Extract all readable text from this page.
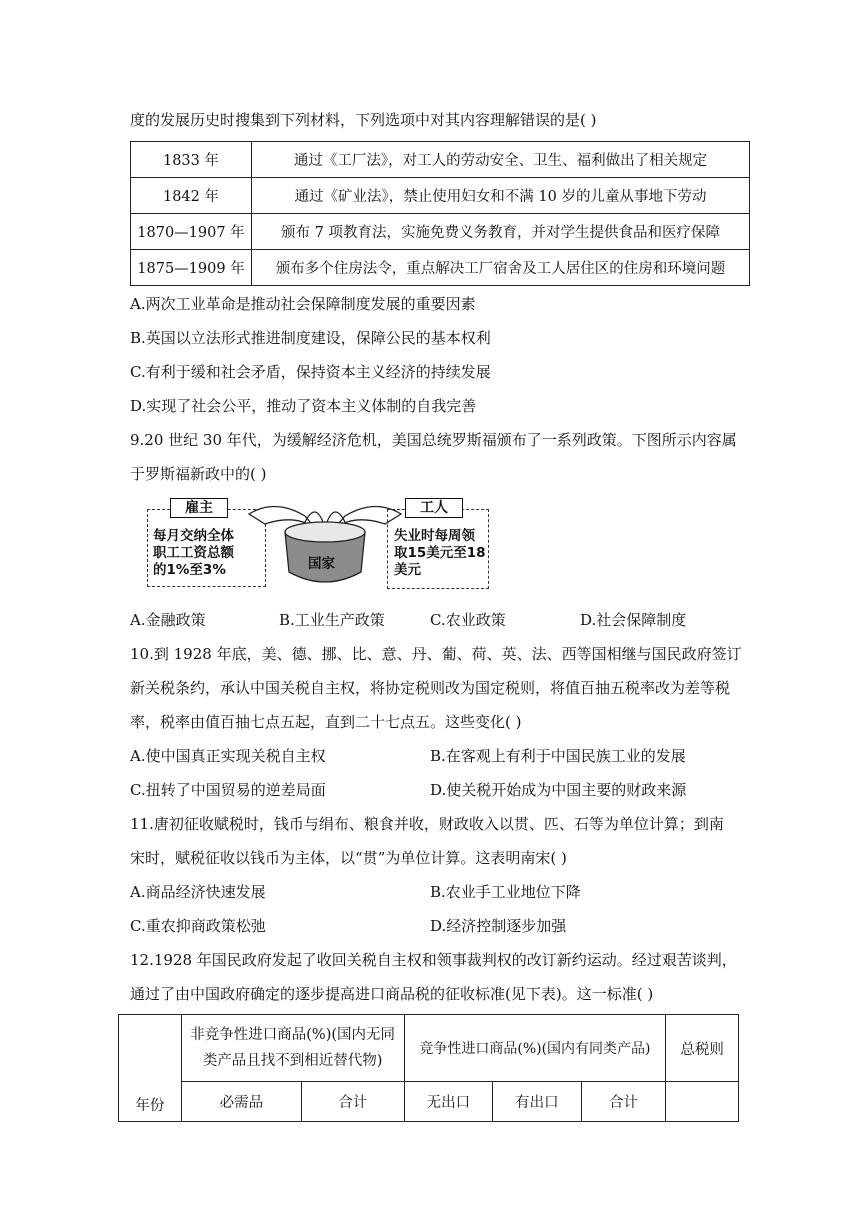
度的发展历史时搜集到下列材料，下列选项中对其内容理解错误的是( )
1833 年	通过《工厂法》，对工人的劳动安全、卫生、福利做出了相关规定
1842 年	通过《矿业法》，禁止使用妇女和不满 10 岁的儿童从事地下劳动
1870—1907 年	颁布 7 项教育法，实施免费义务教育，并对学生提供食品和医疗保障
1875—1909 年	颁布多个住房法令，重点解决工厂宿舍及工人居住区的住房和环境问题
A.两次工业革命是推动社会保障制度发展的重要因素
B.英国以立法形式推进制度建设，保障公民的基本权利
C.有利于缓和社会矛盾，保持资本主义经济的持续发展
D.实现了社会公平，推动了资本主义体制的自我完善
9.20 世纪 30 年代，为缓解经济危机，美国总统罗斯福颁布了一系列政策。下图所示内容属
于罗斯福新政中的( )
雇主
每月交纳全体
职工工资总额
的1%至3%	国家
工人
失业时每周领
取15美元至18
美元
A.金融政策	B.工业生产政策	C.农业政策	D.社会保障制度
10.到 1928 年底，美、德、挪、比、意、丹、葡、荷、英、法、西等国相继与国民政府签订
新关税条约，承认中国关税自主权，将协定税则改为国定税则，将值百抽五税率改为差等税
率，税率由值百抽七点五起，直到二十七点五。这些变化( )
A.使中国真正实现关税自主权	B.在客观上有利于中国民族工业的发展
C.扭转了中国贸易的逆差局面	D.使关税开始成为中国主要的财政来源
11.唐初征收赋税时，钱币与绢布、粮食并收，财政收入以贯、匹、石等为单位计算；到南
宋时，赋税征收以钱币为主体，以“贯”为单位计算。这表明南宋( )
A.商品经济快速发展	B.农业手工业地位下降
C.重农抑商政策松弛	D.经济控制逐步加强
12.1928 年国民政府发起了收回关税自主权和领事裁判权的改订新约运动。经过艰苦谈判，
通过了由中国政府确定的逐步提高进口商品税的征收标准(见下表)。这一标准( )
年份	非竞争性进口商品(%)(国内无同
类产品且找不到相近替代物)		竞争性进口商品(%)(国内有同类产品)			总税则
	必需品	合计	无出口	有出口	合计	
